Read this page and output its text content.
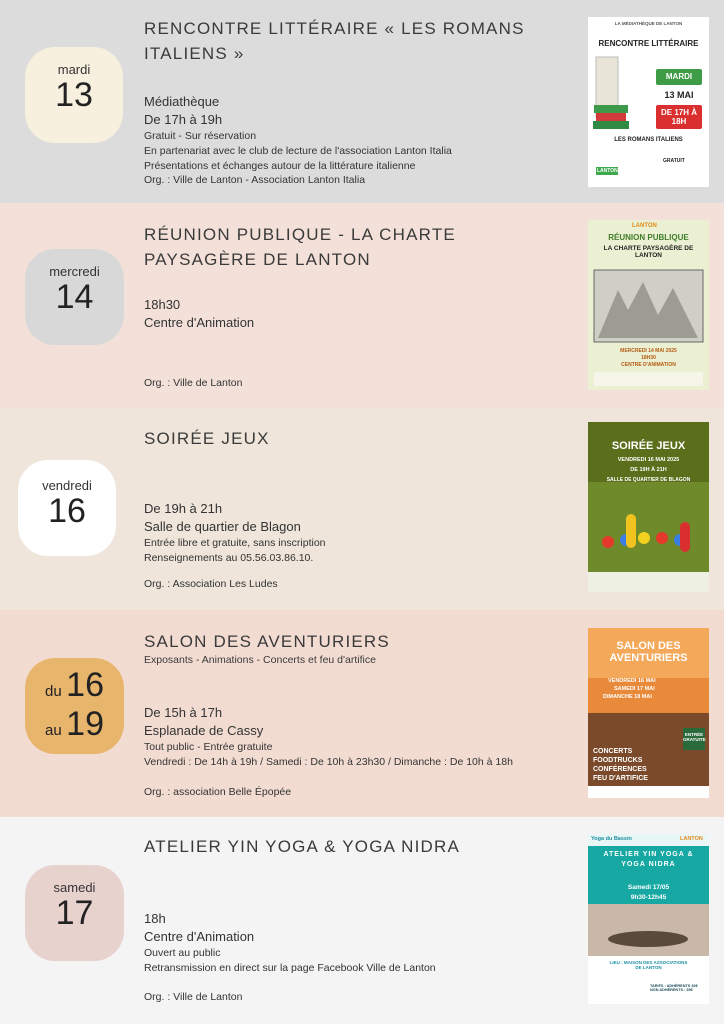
RENCONTRE LITTÉRAIRE « LES ROMANS ITALIENS »
mardi
13	Médiathèque
De 17h à 19h
Gratuit - Sur réservation
En partenariat avec le club de lecture de l'association Lanton Italia
Présentations et échanges autour de la littérature italienne
Org. : Ville de Lanton - Association Lanton Italia
LA MÉDIATHÈQUE DE LANTON
RENCONTRE LITTÉRAIRE
MARDI
13 MAI
DE 17H À 18H
LES ROMANS ITALIENS
GRATUIT
LANTON
RÉUNION PUBLIQUE - LA CHARTE PAYSAGÈRE DE LANTON
mercredi
14	18h30
Centre d'Animation
Org. : Ville de Lanton
LANTON
RÉUNION PUBLIQUE
LA CHARTE PAYSAGÈRE DE LANTON
MERCREDI 14 MAI 2025
18H30
CENTRE D'ANIMATION
SOIRÉE JEUX
vendredi
16	De 19h à 21h
Salle de quartier de Blagon
Entrée libre et gratuite, sans inscription
Renseignements au 05.56.03.86.10.
Org. : Association Les Ludes
SOIRÉE JEUX
VENDREDI 16 MAI 2025
DE 19H À 21H
SALLE DE QUARTIER DE BLAGON
SALON DES AVENTURIERS
Exposants - Animations - Concerts et feu d'artifice
du 16
au 19	De 15h à 17h
Esplanade de Cassy
Tout public - Entrée gratuite
Vendredi : De 14h à 19h / Samedi : De 10h à 23h30 / Dimanche : De 10h à 18h
Org. : association Belle Épopée
SALON DES
AVENTURIERS
VENDREDI 16 MAI
SAMEDI 17 MAI
DIMANCHE 18 MAI
ENTRÉE GRATUITE
CONCERTS
FOODTRUCKS
CONFÉRENCES
FEU D'ARTIFICE
ATELIER YIN YOGA & YOGA NIDRA
samedi
17	18h
Centre d'Animation
Ouvert au public
Retransmission en direct sur la page Facebook Ville de Lanton
Org. : Ville de Lanton
Yoga du Bassin	LANTON
ATELIER YIN YOGA & YOGA NIDRA
Samedi 17/05
9h30-12h45
LIEU : MAISON DES ASSOCIATIONS DE LANTON
TARIFS : ADHÉRENTS 30€ NON ADHÉRENTS : 35€
